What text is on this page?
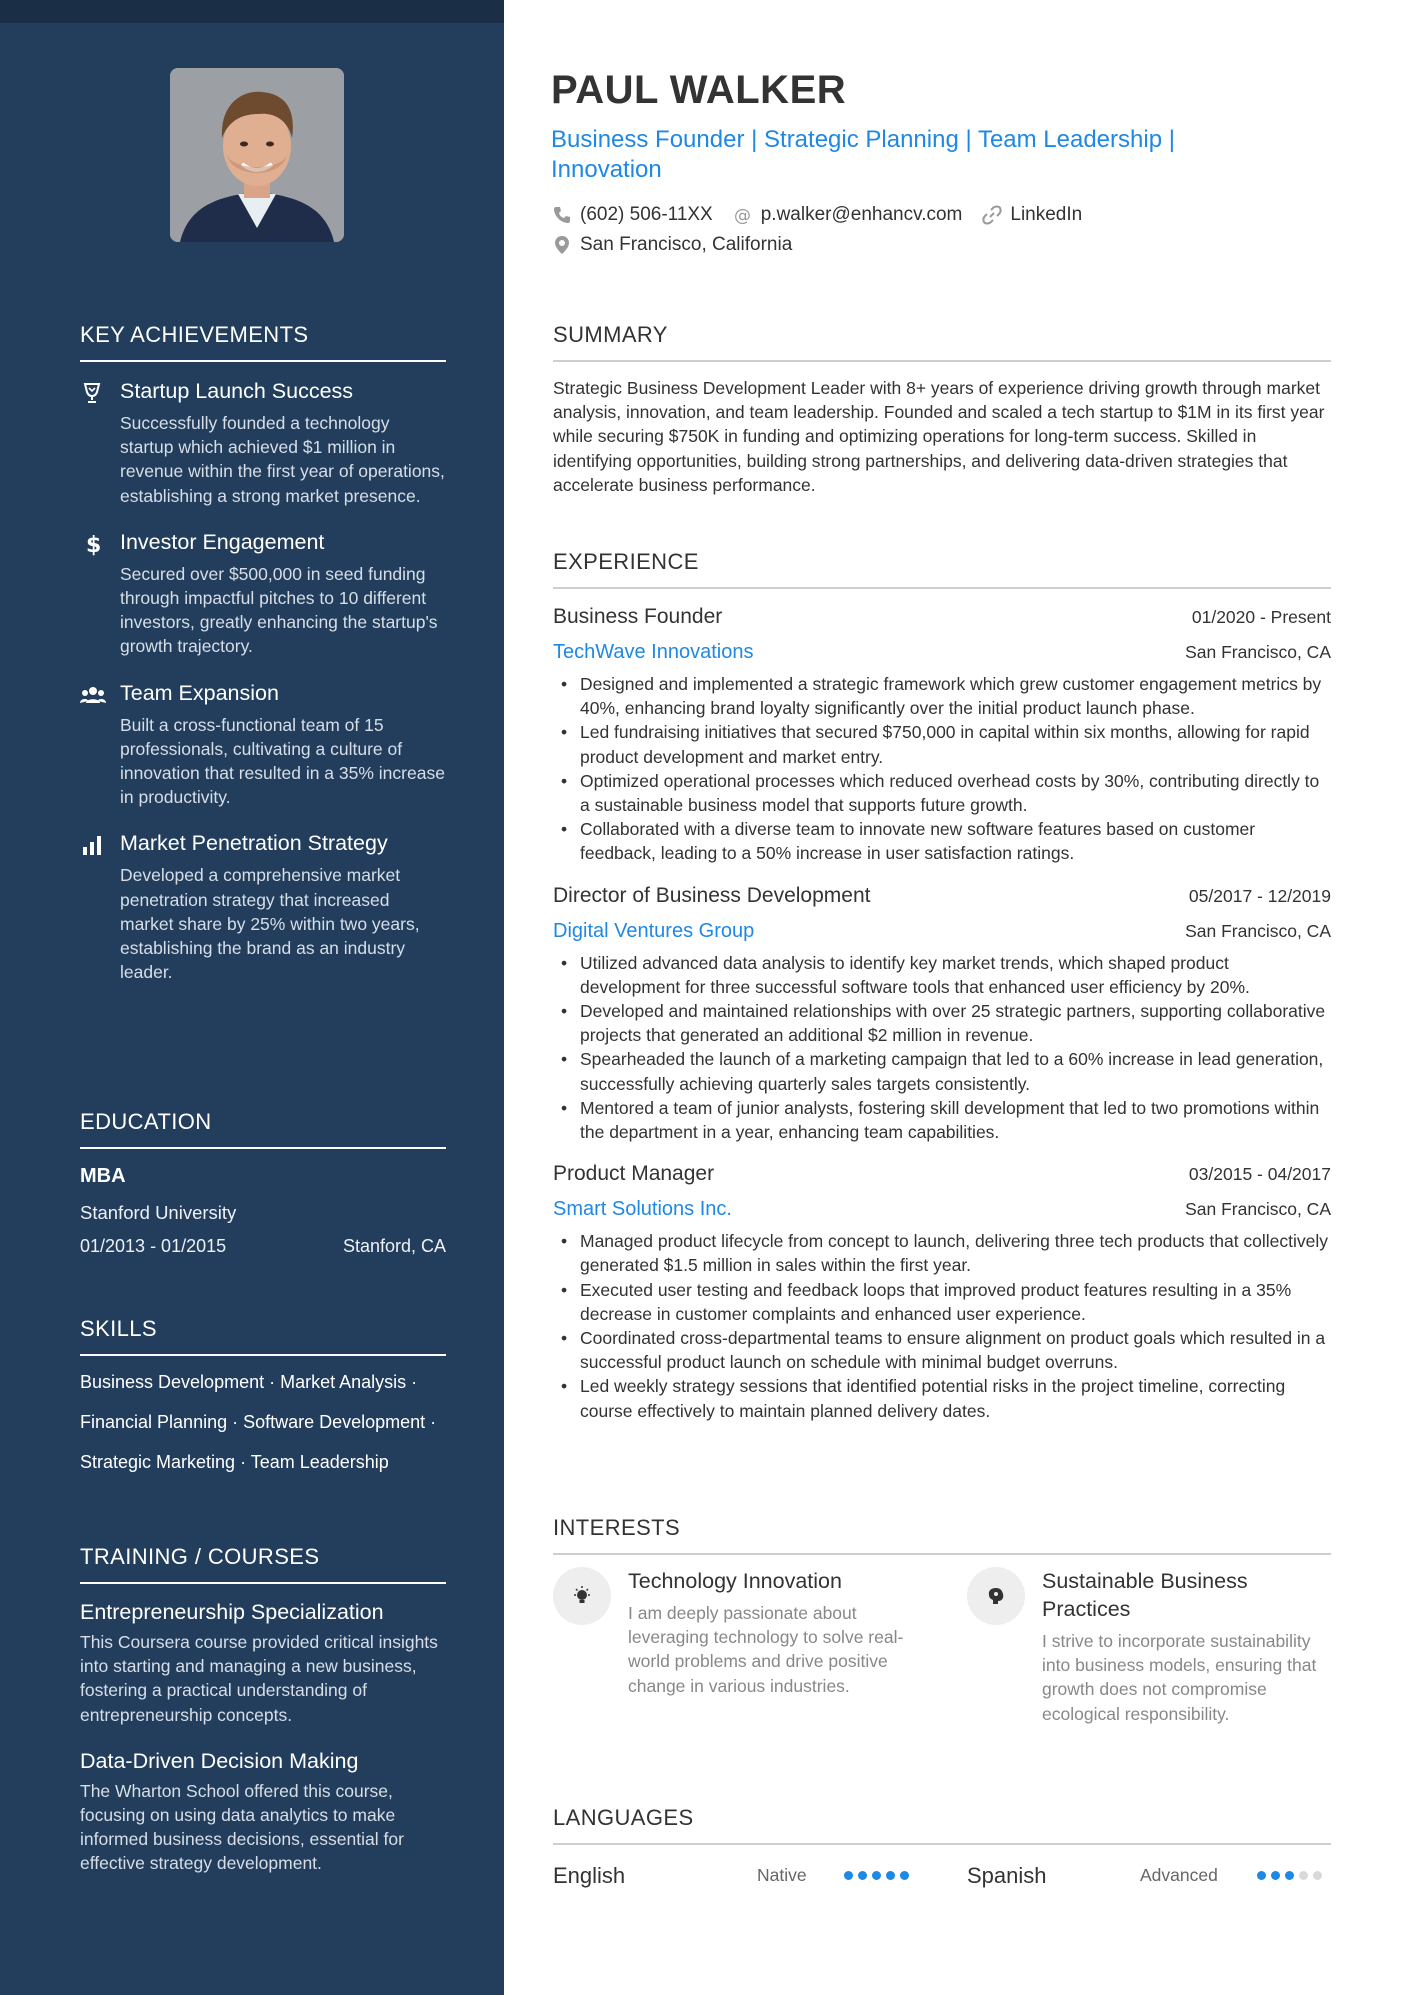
KEY ACHIEVEMENTS
Startup Launch Success
Successfully founded a technology startup which achieved $1 million in revenue within the first year of operations, establishing a strong market presence.
$ Investor Engagement
Secured over $500,000 in seed funding through impactful pitches to 10 different investors, greatly enhancing the startup's growth trajectory.
Team Expansion
Built a cross-functional team of 15 professionals, cultivating a culture of innovation that resulted in a 35% increase in productivity.
Market Penetration Strategy
Developed a comprehensive market penetration strategy that increased market share by 25% within two years, establishing the brand as an industry leader.
EDUCATION
MBA
Stanford University
01/2013 - 01/2015	Stanford, CA
SKILLS
Business Development · Market Analysis ·
Financial Planning · Software Development ·
Strategic Marketing · Team Leadership
TRAINING / COURSES
Entrepreneurship Specialization
This Coursera course provided critical insights into starting and managing a new business, fostering a practical understanding of entrepreneurship concepts.
Data-Driven Decision Making
The Wharton School offered this course, focusing on using data analytics to make informed business decisions, essential for effective strategy development.
PAUL WALKER
Business Founder | Strategic Planning | Team Leadership | Innovation
(602) 506-11XX @ p.walker@enhancv.com	LinkedIn
San Francisco, California
SUMMARY
Strategic Business Development Leader with 8+ years of experience driving growth through market analysis, innovation, and team leadership. Founded and scaled a tech startup to $1M in its first year while securing $750K in funding and optimizing operations for long-term success. Skilled in identifying opportunities, building strong partnerships, and delivering data-driven strategies that accelerate business performance.
EXPERIENCE
Business Founder	01/2020 - Present
TechWave Innovations	San Francisco, CA
• Designed and implemented a strategic framework which grew customer engagement metrics by 40%, enhancing brand loyalty significantly over the initial product launch phase.
• Led fundraising initiatives that secured $750,000 in capital within six months, allowing for rapid product development and market entry.
• Optimized operational processes which reduced overhead costs by 30%, contributing directly to a sustainable business model that supports future growth.
• Collaborated with a diverse team to innovate new software features based on customer feedback, leading to a 50% increase in user satisfaction ratings.
Director of Business Development	05/2017 - 12/2019
Digital Ventures Group	San Francisco, CA
• Utilized advanced data analysis to identify key market trends, which shaped product development for three successful software tools that enhanced user efficiency by 20%.
• Developed and maintained relationships with over 25 strategic partners, supporting collaborative projects that generated an additional $2 million in revenue.
• Spearheaded the launch of a marketing campaign that led to a 60% increase in lead generation, successfully achieving quarterly sales targets consistently.
• Mentored a team of junior analysts, fostering skill development that led to two promotions within the department in a year, enhancing team capabilities.
Product Manager	03/2015 - 04/2017
Smart Solutions Inc.	San Francisco, CA
• Managed product lifecycle from concept to launch, delivering three tech products that collectively generated $1.5 million in sales within the first year.
• Executed user testing and feedback loops that improved product features resulting in a 35% decrease in customer complaints and enhanced user experience.
• Coordinated cross-departmental teams to ensure alignment on product goals which resulted in a successful product launch on schedule with minimal budget overruns.
• Led weekly strategy sessions that identified potential risks in the project timeline, correcting course effectively to maintain planned delivery dates.
INTERESTS
Technology Innovation
I am deeply passionate about leveraging technology to solve real-world problems and drive positive change in various industries.
Sustainable Business Practices
I strive to incorporate sustainability into business models, ensuring that growth does not compromise ecological responsibility.
LANGUAGES
English	Native	Spanish	Advanced
